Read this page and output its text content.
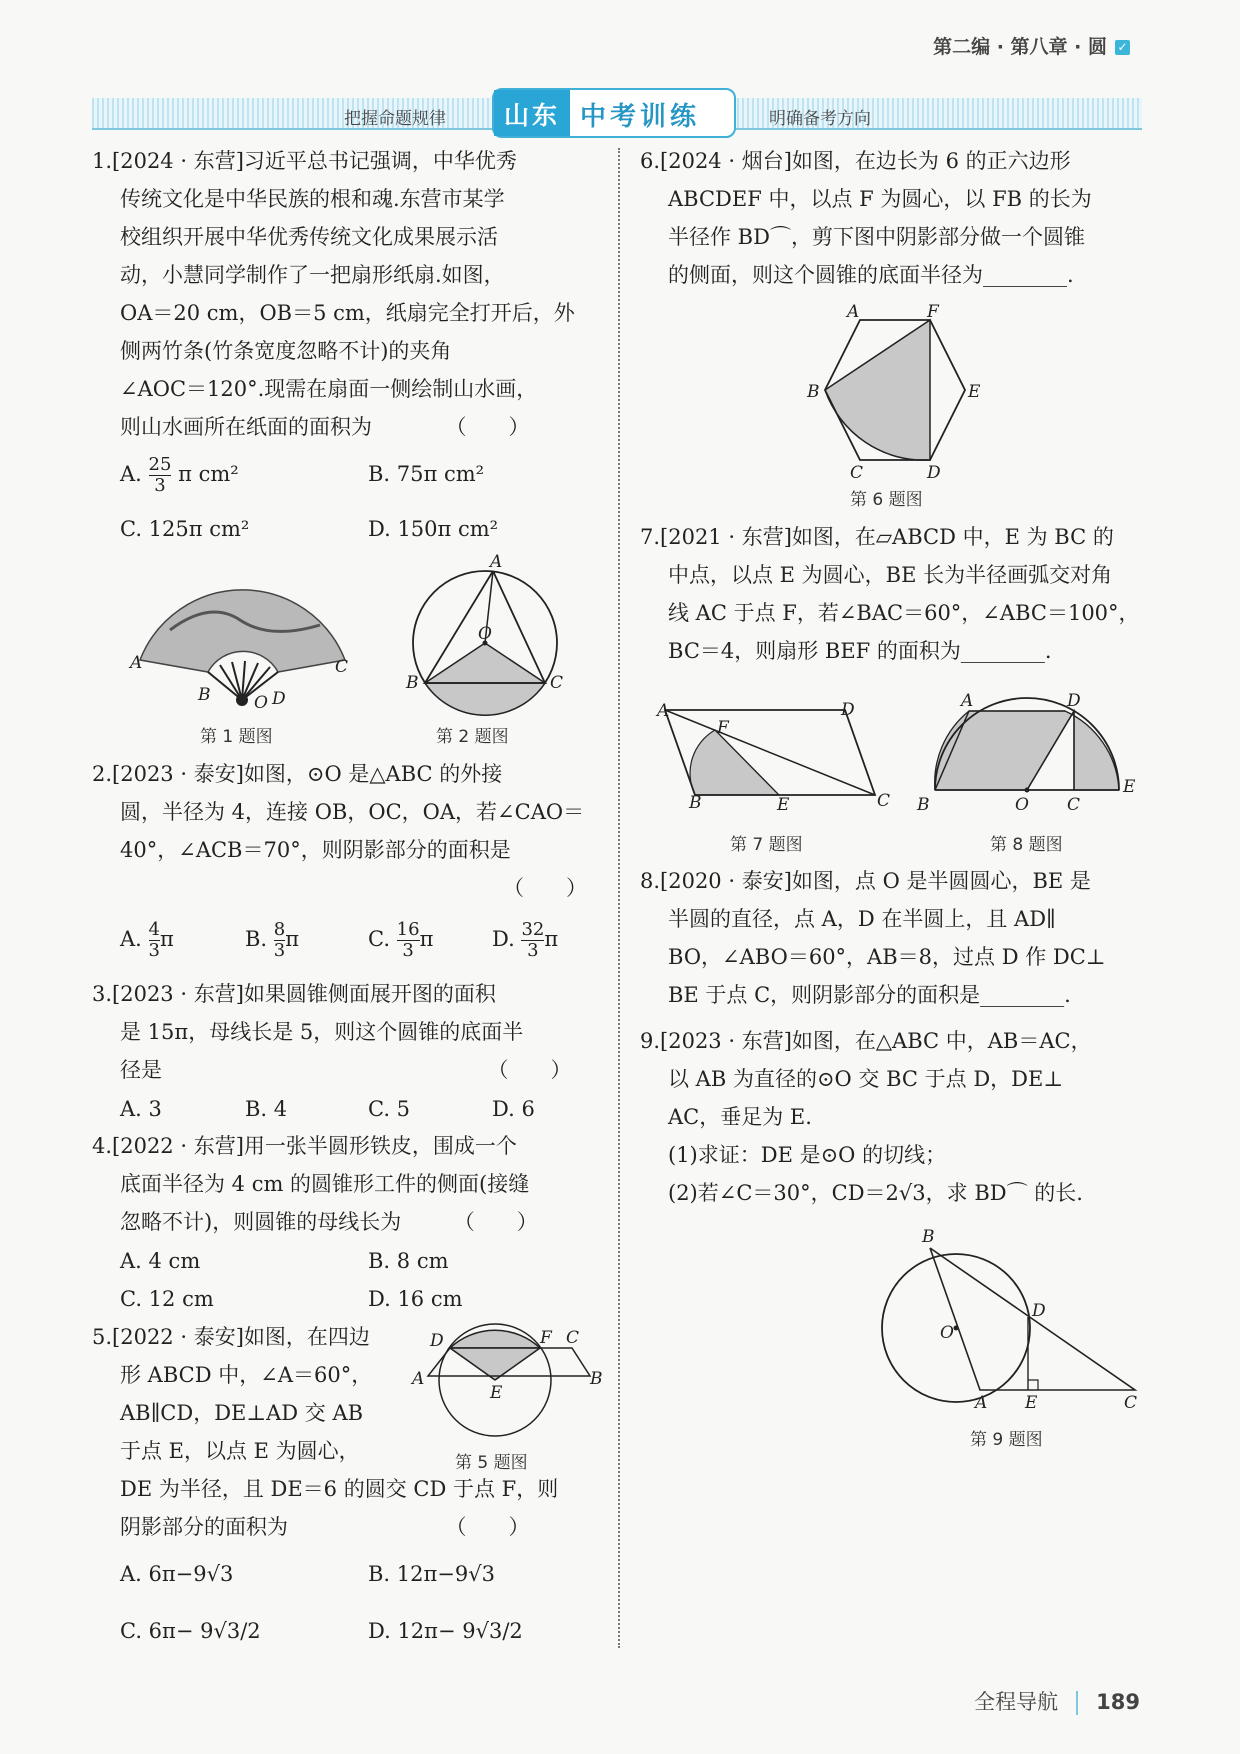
第二编 · 第八章 · 圆 ✓
把握命题规律	山东 中考训练	明确备考方向
1.[2024 · 东营]习近平总书记强调，中华优秀
传统文化是中华民族的根和魂.东营市某学
校组织开展中华优秀传统文化成果展示活
动，小慧同学制作了一把扇形纸扇.如图，
OA＝20 cm，OB＝5 cm，纸扇完全打开后，外
侧两竹条(竹条宽度忽略不计)的夹角
∠AOC＝120°.现需在扇面一侧绘制山水画，
则山水画所在纸面的面积为　　　　（　　）
A. $\frac{25}{3}$ π cm²	B. 75π cm²
C. 125π cm²	D. 150π cm²
A	C
B	O D
第 1 题图
A
O
B	C
第 2 题图
2.[2023 · 泰安]如图，⊙O 是△ABC 的外接
圆，半径为 4，连接 OB，OC，OA，若∠CAO＝
40°，∠ACB＝70°，则阴影部分的面积是
（　　）
A. $\frac{4}{3}$ π	B. $\frac{8}{3}$ π	C. $\frac{16}{3}$ π	D. $\frac{32}{3}$ π
3.[2023 · 东营]如果圆锥侧面展开图的面积
是 15π，母线长是 5，则这个圆锥的底面半
径是　　　　　　　　　　　　　　　　（　　）
A. 3	B. 4	C. 5	D. 6
4.[2022 · 东营]用一张半圆形铁皮，围成一个
底面半径为 4 cm 的圆锥形工件的侧面(接缝
忽略不计)，则圆锥的母线长为　　　（　　）
A. 4 cm	B. 8 cm
C. 12 cm	D. 16 cm
5.[2022 · 泰安]如图，在四边
形 ABCD 中，∠A＝60°，
AB∥CD，DE⊥AD 交 AB
于点 E，以点 E 为圆心，
DE 为半径，且 DE＝6 的圆交 CD 于点 F，则
阴影部分的面积为　　　　　　　　（　　）
D	F C
A
E
B
第 5 题图
A. 6π−9√3	B. 12π−9√3
C. 6π− 9√3/2	D. 12π− 9√3/2
6.[2024 · 烟台]如图，在边长为 6 的正六边形
ABCDEF 中，以点 F 为圆心，以 FB 的长为
半径作 BD⌒，剪下图中阴影部分做一个圆锥
的侧面，则这个圆锥的底面半径为________.
A	F
B	E
C	D
第 6 题图
7.[2021 · 东营]如图，在▱ABCD 中，E 为 BC 的
中点，以点 E 为圆心，BE 长为半径画弧交对角
线 AC 于点 F，若∠BAC＝60°，∠ABC＝100°，
BC＝4，则扇形 BEF 的面积为________.
A	D
F
B	E	C
第 7 题图
A	D
B	O C
E
第 8 题图
8.[2020 · 泰安]如图，点 O 是半圆圆心，BE 是
半圆的直径，点 A，D 在半圆上，且 AD∥
BO，∠ABO＝60°，AB＝8，过点 D 作 DC⊥
BE 于点 C，则阴影部分的面积是________.
9.[2023 · 东营]如图，在△ABC 中，AB＝AC，
以 AB 为直径的⊙O 交 BC 于点 D，DE⊥
AC，垂足为 E.
(1)求证：DE 是⊙O 的切线；
(2)若∠C＝30°，CD＝2√3，求 BD⌒ 的长.
B
O
D
A E	C
第 9 题图
全程导航 189
